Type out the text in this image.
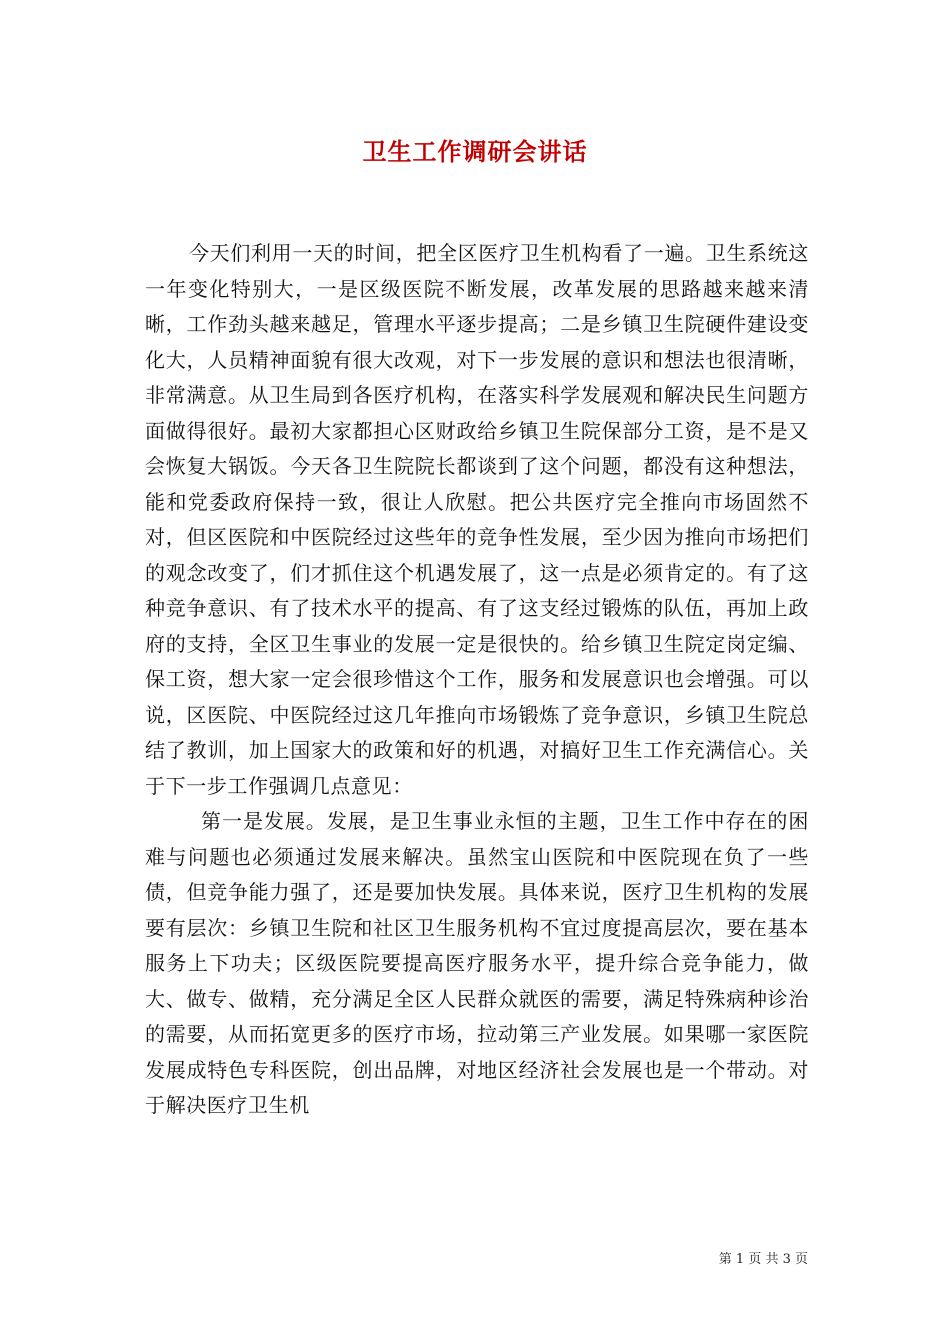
卫生工作调研会讲话

今天们利用一天的时间，把全区医疗卫生机构看了一遍。卫生系统这一年变化特别大，一是区级医院不断发展，改革发展的思路越来越来清晰，工作劲头越来越足，管理水平逐步提高；二是乡镇卫生院硬件建设变化大，人员精神面貌有很大改观，对下一步发展的意识和想法也很清晰，非常满意。从卫生局到各医疗机构，在落实科学发展观和解决民生问题方面做得很好。最初大家都担心区财政给乡镇卫生院保部分工资，是不是又会恢复大锅饭。今天各卫生院院长都谈到了这个问题，都没有这种想法，能和党委政府保持一致，很让人欣慰。把公共医疗完全推向市场固然不对，但区医院和中医院经过这些年的竞争性发展，至少因为推向市场把们的观念改变了，们才抓住这个机遇发展了，这一点是必须肯定的。有了这种竞争意识、有了技术水平的提高、有了这支经过锻炼的队伍，再加上政府的支持，全区卫生事业的发展一定是很快的。给乡镇卫生院定岗定编、保工资，想大家一定会很珍惜这个工作，服务和发展意识也会增强。可以说，区医院、中医院经过这几年推向市场锻炼了竞争意识，乡镇卫生院总结了教训，加上国家大的政策和好的机遇，对搞好卫生工作充满信心。关于下一步工作强调几点意见：

第一是发展。发展，是卫生事业永恒的主题，卫生工作中存在的困难与问题也必须通过发展来解决。虽然宝山医院和中医院现在负了一些债，但竞争能力强了，还是要加快发展。具体来说，医疗卫生机构的发展要有层次：乡镇卫生院和社区卫生服务机构不宜过度提高层次，要在基本服务上下功夫；区级医院要提高医疗服务水平，提升综合竞争能力，做大、做专、做精，充分满足全区人民群众就医的需要，满足特殊病种诊治的需要，从而拓宽更多的医疗市场，拉动第三产业发展。如果哪一家医院发展成特色专科医院，创出品牌，对地区经济社会发展也是一个带动。对于解决医疗卫生机

第 1 页 共 3 页
